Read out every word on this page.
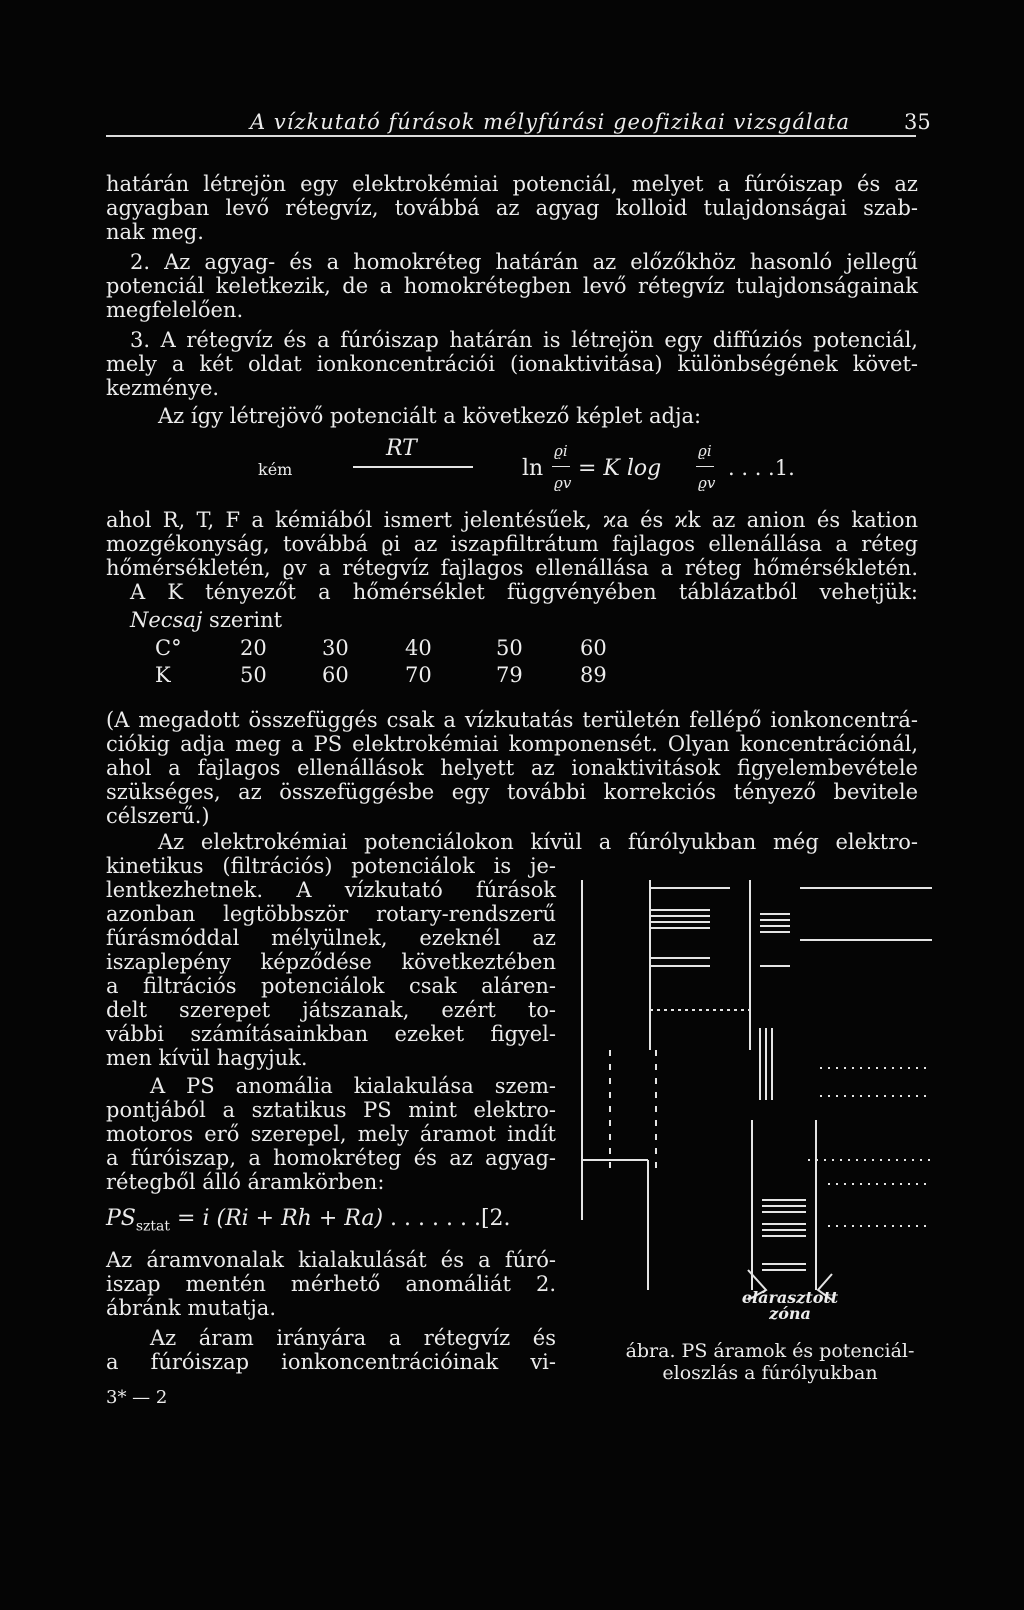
A vízkutató fúrások mélyfúrási geofizikai vizsgálata	35
határán létrejön egy elektrokémiai potenciál, melyet a fúróiszap és az
agyagban levő rétegvíz, továbbá az agyag kolloid tulajdonságai szab-
nak meg.
2. Az agyag- és a homokréteg határán az előzőkhöz hasonló jellegű
potenciál keletkezik, de a homokrétegben levő rétegvíz tulajdonságainak
megfelelően.
3. A rétegvíz és a fúróiszap határán is létrejön egy diffúziós potenciál,
mely a két oldat ionkoncentrációi (ionaktivitása) különbségének követ-
kezménye.
Az így létrejövő potenciált a következő képlet adja:
kém
RT
ln
ϱi
ϱv
= K log
ϱi
ϱv
. . . .1.
ahol R, T, F a kémiából ismert jelentésűek, ϰa és ϰk az anion és kation
mozgékonyság, továbbá ϱi az iszapfiltrátum fajlagos ellenállása a réteg
hőmérsékletén, ϱv a rétegvíz fajlagos ellenállása a réteg hőmérsékletén.
A K tényezőt a hőmérséklet függvényében táblázatból vehetjük:
Necsaj szerint
C°	20	30	40	50	60
K	50	60	70	79	89
(A megadott összefüggés csak a vízkutatás területén fellépő ionkoncentrá-
ciókig adja meg a PS elektrokémiai komponensét. Olyan koncentrációnál,
ahol a fajlagos ellenállások helyett az ionaktivitások figyelembevétele
szükséges, az összefüggésbe egy további korrekciós tényező bevitele
célszerű.)
Az elektrokémiai potenciálokon kívül a fúrólyukban még elektro-
kinetikus (filtrációs) potenciálok is je-
lentkezhetnek. A vízkutató fúrások
azonban legtöbbször rotary-rendszerű
fúrásmóddal mélyülnek, ezeknél az
iszaplepény képződése következtében
a filtrációs potenciálok csak aláren-
delt szerepet játszanak, ezért to-
vábbi számításainkban ezeket figyel-
men kívül hagyjuk.
A PS anomália kialakulása szem-
pontjából a sztatikus PS mint elektro-
motoros erő szerepel, mely áramot indít
a fúróiszap, a homokréteg és az agyag-
rétegből álló áramkörben:
$PS_{sztat} = i$ (Ri + Rh + Ra) . . . . . . .[2.
Az áramvonalak kialakulását és a fúró-
iszap mentén mérhető anomáliát 2.
ábránk mutatja.
Az áram irányára a rétegvíz és
a fúróiszap ionkoncentrációinak vi-
3* — 2
elárasztott
zóna
ábra. PS áramok és potenciál-
eloszlás a fúrólyukban
